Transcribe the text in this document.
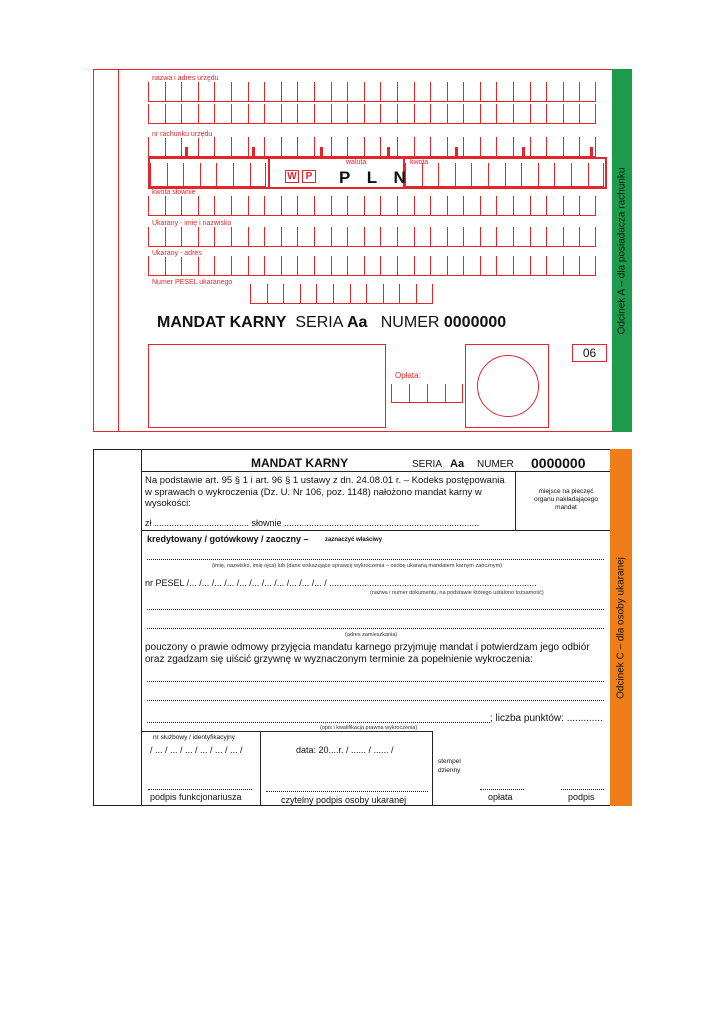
Odcinek A – dla posiadacza rachunku
nazwa i adres urzędu
nr rachunku urzędu
waluta	kwota
W P P L N
kwota słownie
Ukarany - imię i nazwisko
Ukarany - adres
Numer PESEL ukaranego
MANDAT KARNY SERIA Aa NUMER 0000000
06
Opłata:
Odcinek C – dla osoby ukaranej
MANDAT KARNY	SERIA Aa NUMER 0000000
Na podstawie art. 95 § 1 i art. 96 § 1 ustawy z dn. 24.08.01 r. – Kodeks postępowania
w sprawach o wykroczenia (Dz. U. Nr 106, poz. 1148) nałożono mandat karny w
wysokości:
miejsce na pieczęć organu nakładającego mandat
zł ...................................... słownie ..............................................................................
kredytowany / gotówkowy / zaoczny –	zaznaczyć właściwy
(imię, nazwisko, imię ojca) lub (dane wskazujące sprawcę wykroczenia – osobę ukaraną mandatem karnym zaocznym)
nr PESEL /... /... /... /... /... /... /... /... /... /... /... / ...................................................................................
(nazwa i numer dokumentu, na podstawie którego ustalono tożsamość)
(adres zamieszkania)
pouczony o prawie odmowy przyjęcia mandatu karnego przyjmuję mandat i potwierdzam jego odbiór
oraz zgadzam się uiścić grzywnę w wyznaczonym terminie za popełnienie wykroczenia:
; liczba punktów: .............
(opis i kwalifikacja prawna wykroczenia)
nr służbowy / identyfikacyjny
/ ... / ... / ... / ... / ... / ... /	data: 20....r. / ...... / ...... /
stempel
dzienny
podpis funkcjonariusza	czytelny podpis osoby ukaranej	opłata	podpis
